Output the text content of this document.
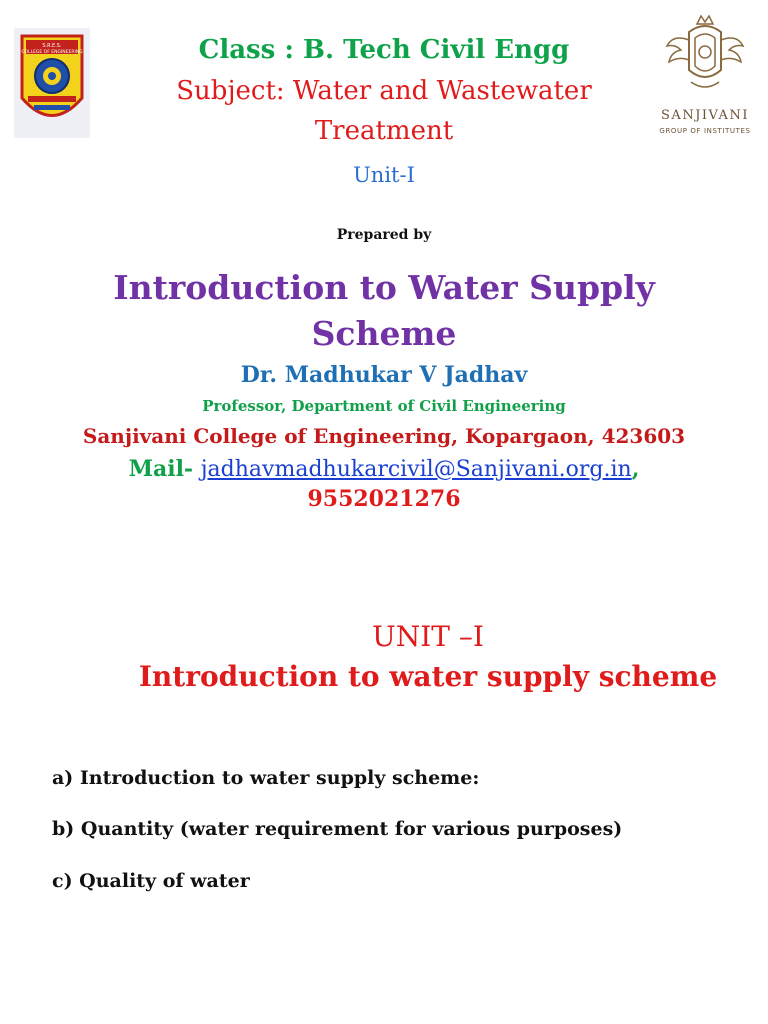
S.R.E.S.
COLLEGE OF ENGINEERING
SANJIVANI
GROUP OF INSTITUTES
Class : B. Tech Civil Engg
Subject: Water and Wastewater
Treatment
Unit-I
Prepared by
Introduction to Water Supply
Scheme
Dr. Madhukar V Jadhav
Professor, Department of Civil Engineering
Sanjivani College of Engineering, Kopargaon, 423603
Mail- jadhavmadhukarcivil@Sanjivani.org.in,
9552021276
UNIT –I
Introduction to water supply scheme
a) Introduction to water supply scheme:
b) Quantity (water requirement for various purposes)
c) Quality of water
